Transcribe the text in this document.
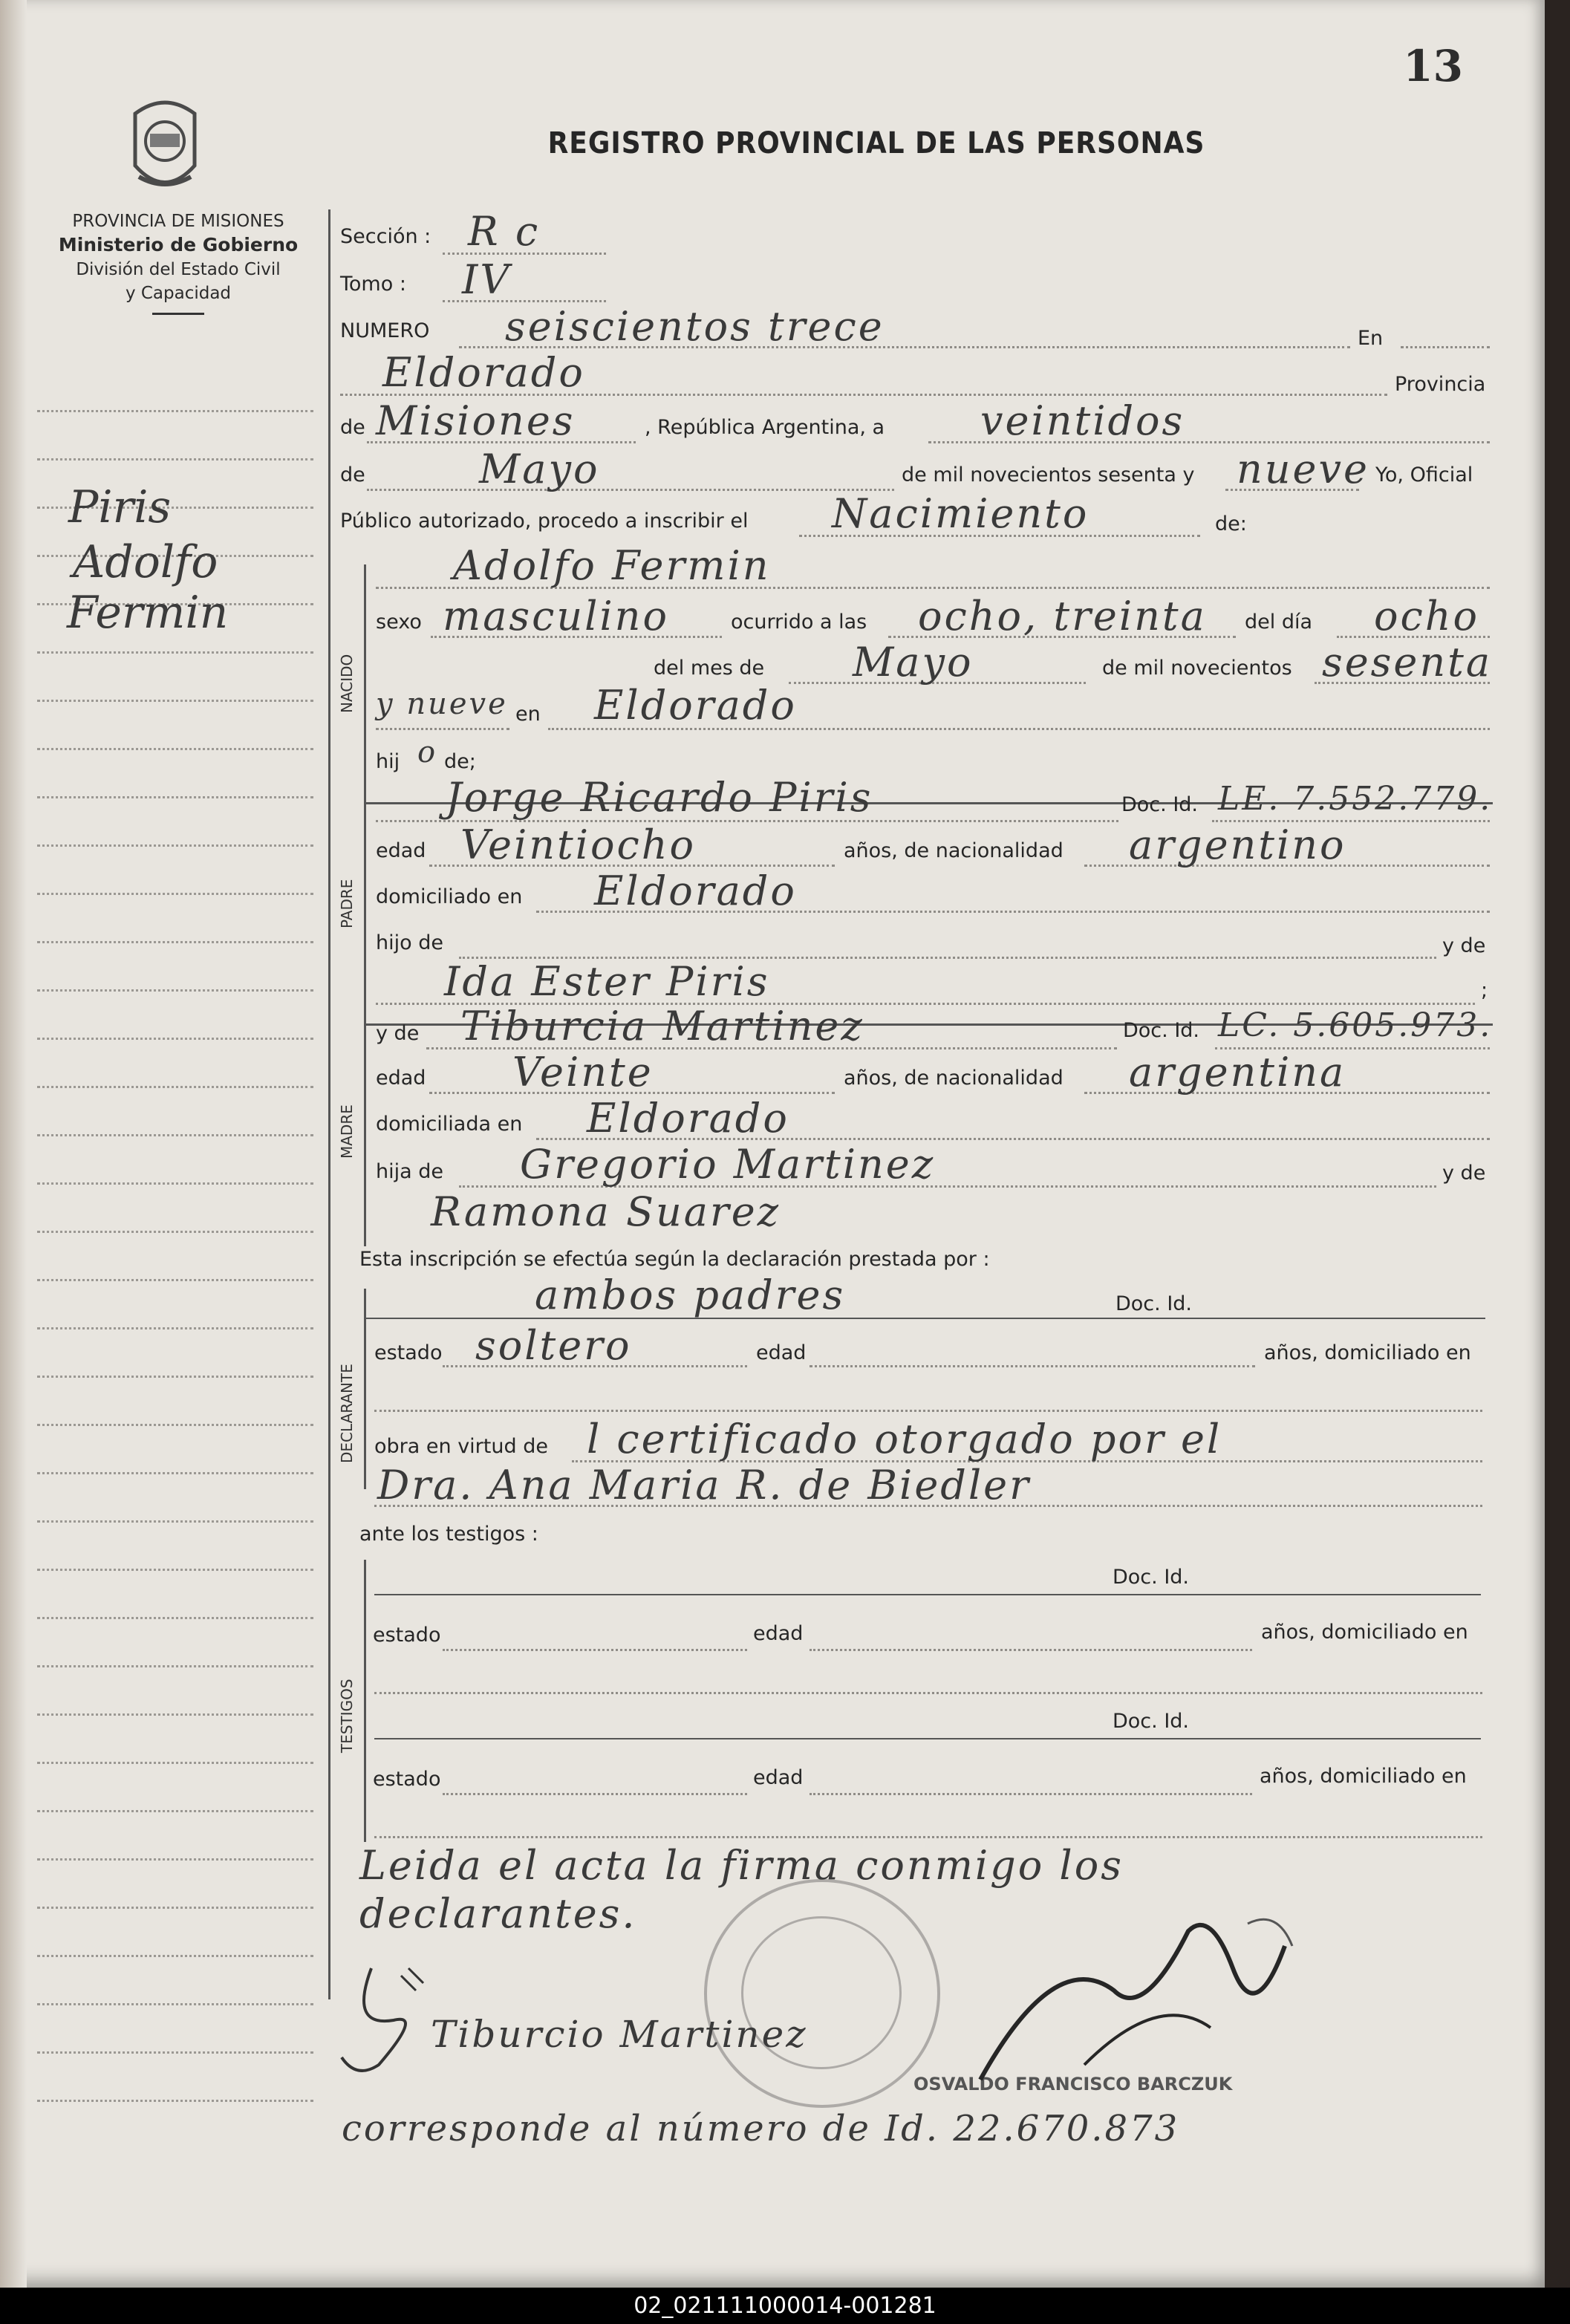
13
REGISTRO PROVINCIAL DE LAS PERSONAS
PROVINCIA DE MISIONES
Ministerio de Gobierno
División del Estado Civil
y Capacidad
Piris
Adolfo
Fermin
Sección : R c
Tomo : IV
NUMERO seiscientos trece	En
Eldorado	Provincia
de Misiones	, República Argentina, a veintidos
de	Mayo	de mil novecientos sesenta y nueve Yo, Oficial
Público autorizado, procedo a inscribir el Nacimiento	de:
NACIDO
Adolfo Fermin
sexo masculino	ocurrido a las ocho, treinta del día ocho
del mes de Mayo	de mil novecientos sesenta
y nueve en Eldorado
hij o de;
PADRE
Jorge Ricardo Piris	Doc. Id. LE. 7.552.779.
edad Veintiocho	años, de nacionalidad argentino
domiciliado en Eldorado
hijo de	y de
Ida Ester Piris	;
y de
MADRE
Tiburcia Martinez	Doc. Id. LC. 5.605.973.
edad Veinte	años, de nacionalidad argentina
domiciliada en Eldorado
hija de Gregorio Martinez	y de
Ramona Suarez
Esta inscripción se efectúa según la declaración prestada por :
DECLARANTE
ambos padres	Doc. Id.
estado soltero	edad	años, domiciliado en
obra en virtud de l certificado otorgado por el
Dra. Ana Maria R. de Biedler
ante los testigos :
TESTIGOS
Doc. Id.
estado	edad	años, domiciliado en
Doc. Id.
estado	edad	años, domiciliado en
Leida el acta la firma conmigo los
declarantes.
OSVALDO FRANCISCO BARCZUK
Tiburcio Martinez
corresponde al número de Id. 22.670.873
02_021111000014-001281
